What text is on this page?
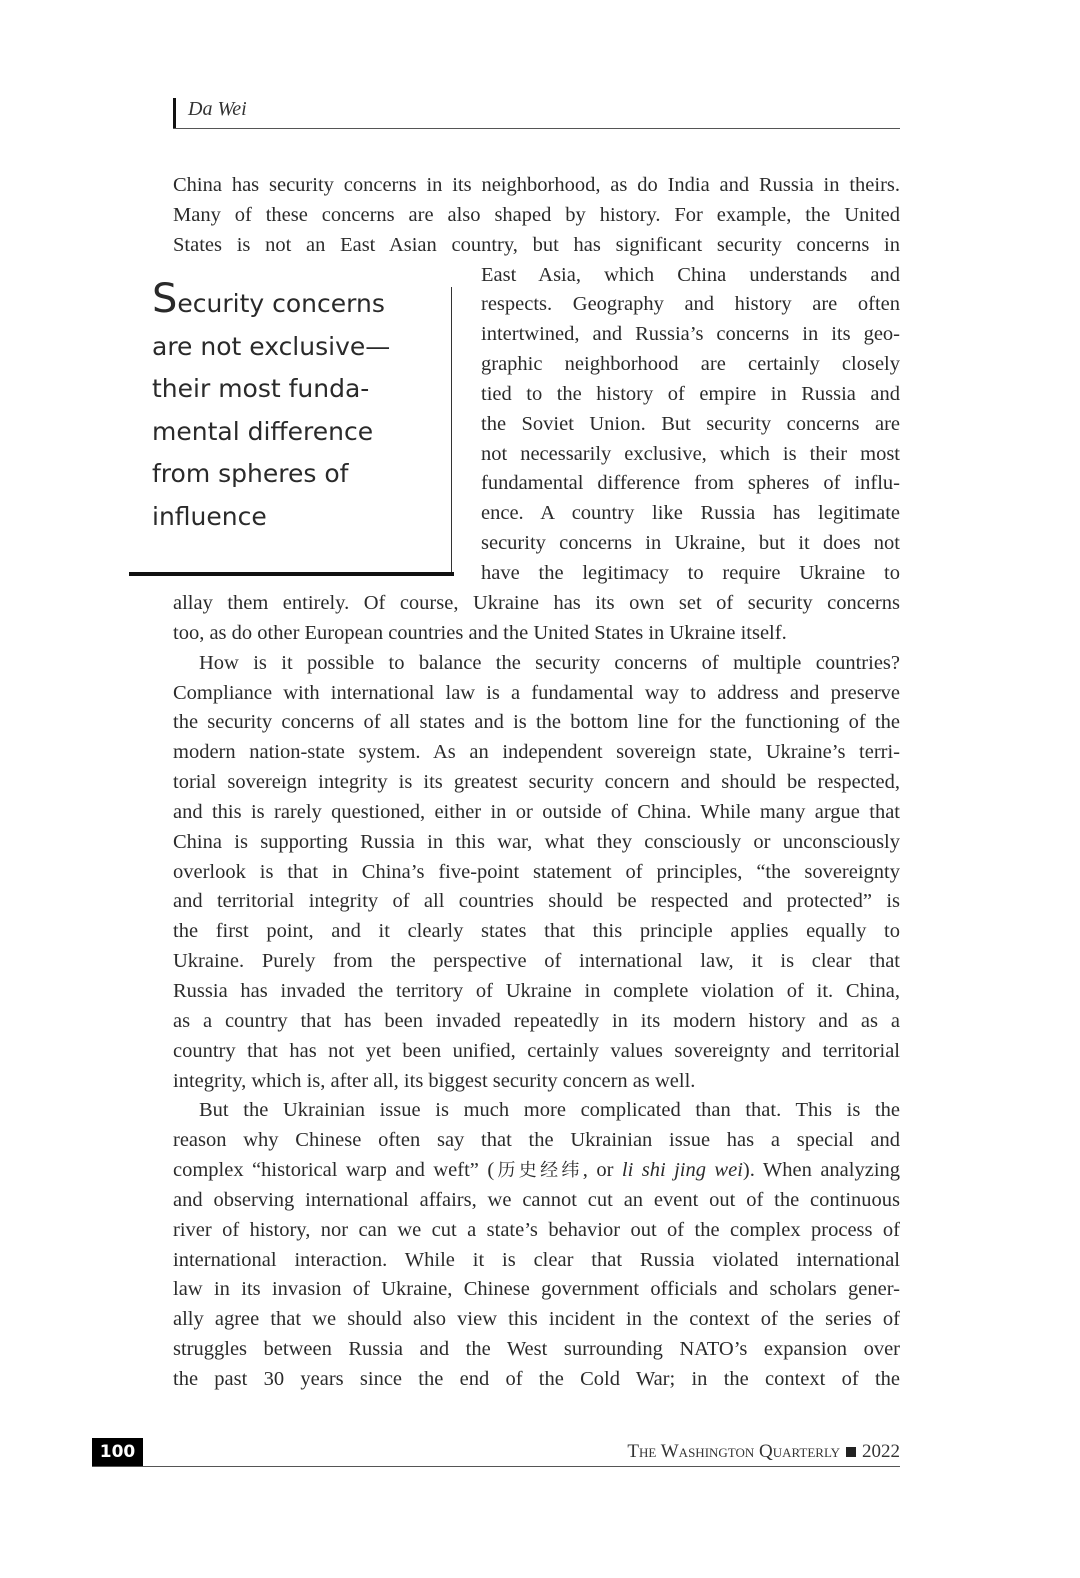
Da Wei
China has security concerns in its neighborhood, as do India and Russia in theirs.
Many of these concerns are also shaped by history. For example, the United
States is not an East Asian country, but has significant security concerns in
East Asia, which China understands and
respects. Geography and history are often
intertwined, and Russia’s concerns in its geo-
graphic neighborhood are certainly closely
tied to the history of empire in Russia and
the Soviet Union. But security concerns are
not necessarily exclusive, which is their most
fundamental difference from spheres of influ-
ence. A country like Russia has legitimate
security concerns in Ukraine, but it does not
have the legitimacy to require Ukraine to
Security concerns
are not exclusive—
their most funda-
mental difference
from spheres of
influence
allay them entirely. Of course, Ukraine has its own set of security concerns
too, as do other European countries and the United States in Ukraine itself.
How is it possible to balance the security concerns of multiple countries?
Compliance with international law is a fundamental way to address and preserve
the security concerns of all states and is the bottom line for the functioning of the
modern nation-state system. As an independent sovereign state, Ukraine’s terri-
torial sovereign integrity is its greatest security concern and should be respected,
and this is rarely questioned, either in or outside of China. While many argue that
China is supporting Russia in this war, what they consciously or unconsciously
overlook is that in China’s five-point statement of principles, “the sovereignty
and territorial integrity of all countries should be respected and protected” is
the first point, and it clearly states that this principle applies equally to
Ukraine. Purely from the perspective of international law, it is clear that
Russia has invaded the territory of Ukraine in complete violation of it. China,
as a country that has been invaded repeatedly in its modern history and as a
country that has not yet been unified, certainly values sovereignty and territorial
integrity, which is, after all, its biggest security concern as well.
But the Ukrainian issue is much more complicated than that. This is the
reason why Chinese often say that the Ukrainian issue has a special and
complex “historical warp and weft” (历史经纬, or li shi jing wei). When analyzing
and observing international affairs, we cannot cut an event out of the continuous
river of history, nor can we cut a state’s behavior out of the complex process of
international interaction. While it is clear that Russia violated international
law in its invasion of Ukraine, Chinese government officials and scholars gener-
ally agree that we should also view this incident in the context of the series of
struggles between Russia and the West surrounding NATO’s expansion over
the past 30 years since the end of the Cold War; in the context of the
100	The Washington Quarterly 2022
